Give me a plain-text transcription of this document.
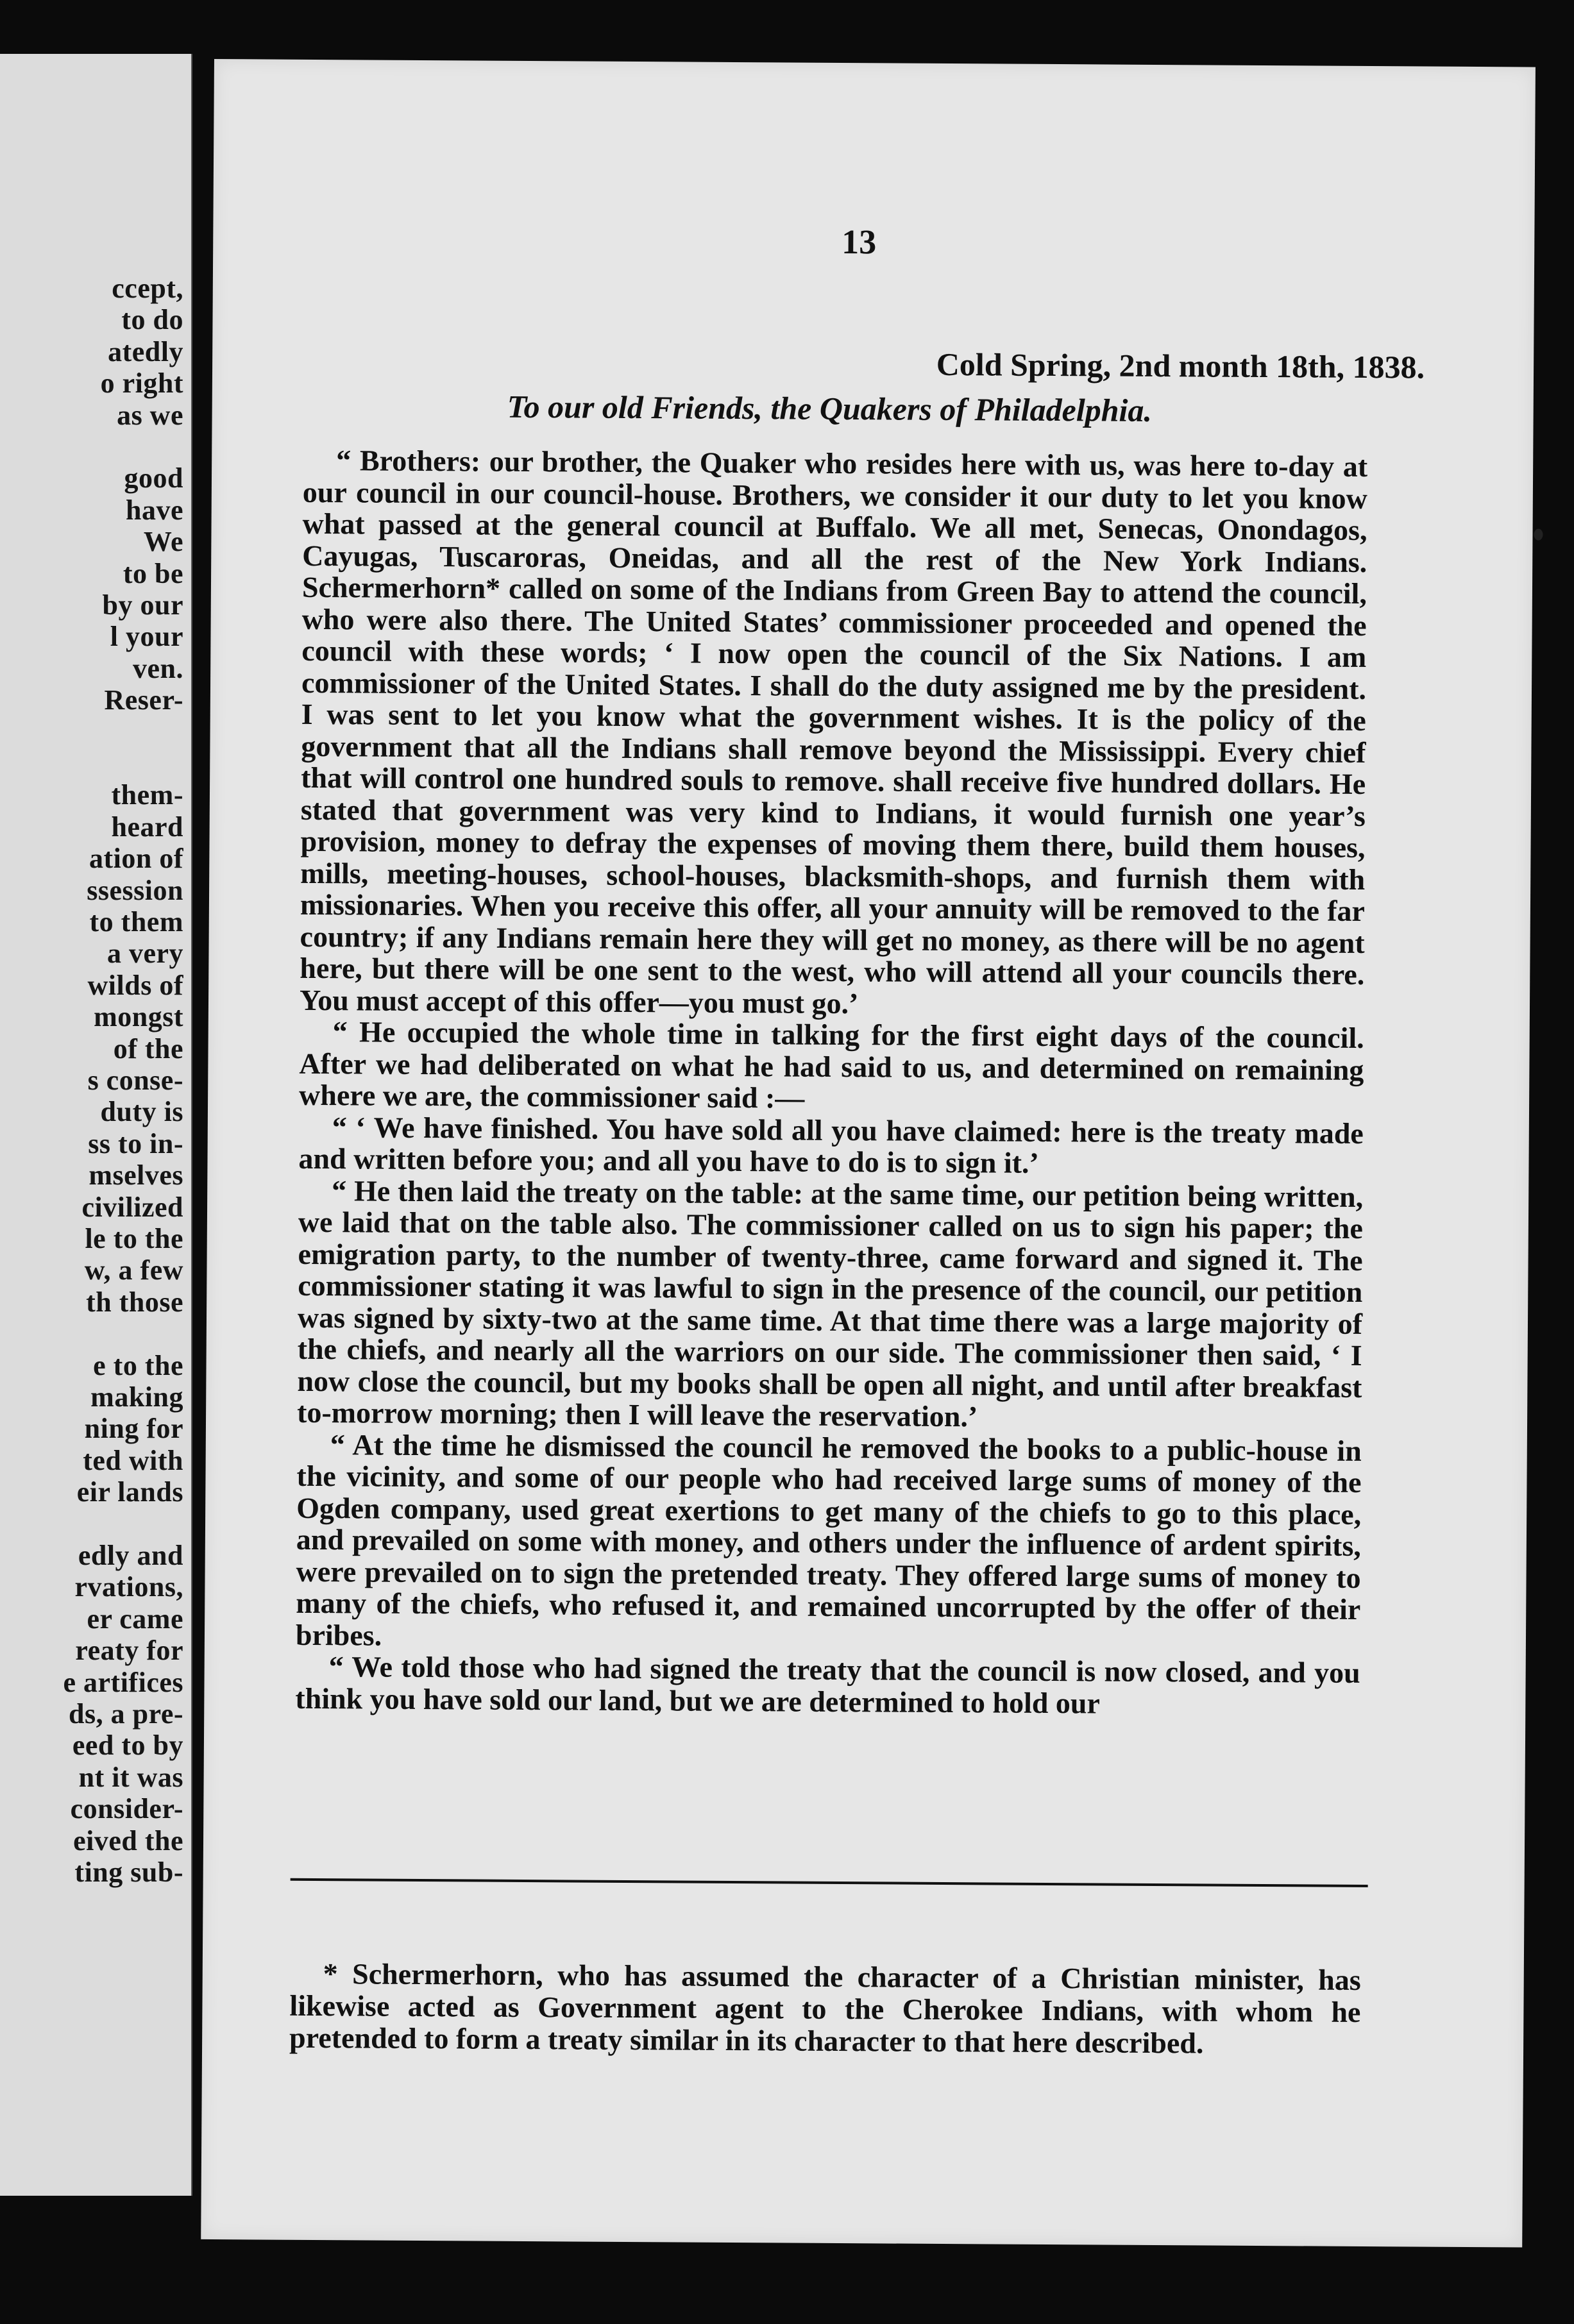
ccept,
to do
atedly
o right
as we
good
have
We
to be
by our
l your
ven.
Reser-
them-
heard
ation of
ssession
to them
a very
wilds of
mongst
of the
s conse-
duty is
ss to in-
mselves
civilized
le to the
w, a few
th those
e to the
making
ning for
ted with
eir lands
edly and
rvations,
er came
reaty for
e artifices
ds, a pre-
eed to by
nt it was
consider-
eived the
ting sub-
13
Cold Spring, 2nd month 18th, 1838.
To our old Friends, the Quakers of Philadelphia.

“ Brothers: our brother, the Quaker who resides here with us, was here to-day at our council in our council-house. Brothers, we consider it our duty to let you know what passed at the general council at Buffalo. We all met, Senecas, Onondagos, Cayugas, Tuscaroras, Oneidas, and all the rest of the New York Indians. Schermerhorn* called on some of the Indians from Green Bay to attend the council, who were also there. The United States’ commissioner proceeded and opened the council with these words; ‘ I now open the council of the Six Nations. I am commissioner of the United States. I shall do the duty assigned me by the president. I was sent to let you know what the government wishes. It is the policy of the government that all the Indians shall remove beyond the Mississippi. Every chief that will control one hundred souls to remove. shall receive five hundred dollars. He stated that government was very kind to Indians, it would furnish one year’s provision, money to defray the expenses of moving them there, build them houses, mills, meeting-houses, school-houses, blacksmith-shops, and furnish them with missionaries. When you receive this offer, all your annuity will be removed to the far country; if any Indians remain here they will get no money, as there will be no agent here, but there will be one sent to the west, who will attend all your councils there. You must accept of this offer—you must go.’

“ He occupied the whole time in talking for the first eight days of the council. After we had deliberated on what he had said to us, and determined on remaining where we are, the commissioner said :—

“ ‘ We have finished. You have sold all you have claimed: here is the treaty made and written before you; and all you have to do is to sign it.’

“ He then laid the treaty on the table: at the same time, our petition being written, we laid that on the table also. The commissioner called on us to sign his paper; the emigration party, to the number of twenty-three, came forward and signed it. The commissioner stating it was lawful to sign in the presence of the council, our petition was signed by sixty-two at the same time. At that time there was a large majority of the chiefs, and nearly all the warriors on our side. The commissioner then said, ‘ I now close the council, but my books shall be open all night, and until after breakfast to-morrow morning; then I will leave the reservation.’

“ At the time he dismissed the council he removed the books to a public-house in the vicinity, and some of our people who had received large sums of money of the Ogden company, used great exertions to get many of the chiefs to go to this place, and prevailed on some with money, and others under the influence of ardent spirits, were prevailed on to sign the pretended treaty. They offered large sums of money to many of the chiefs, who refused it, and remained uncorrupted by the offer of their bribes.

“ We told those who had signed the treaty that the council is now closed, and you think you have sold our land, but we are determined to hold our

* Schermerhorn, who has assumed the character of a Christian minister, has likewise acted as Government agent to the Cherokee Indians, with whom he pretended to form a treaty similar in its character to that here described.
